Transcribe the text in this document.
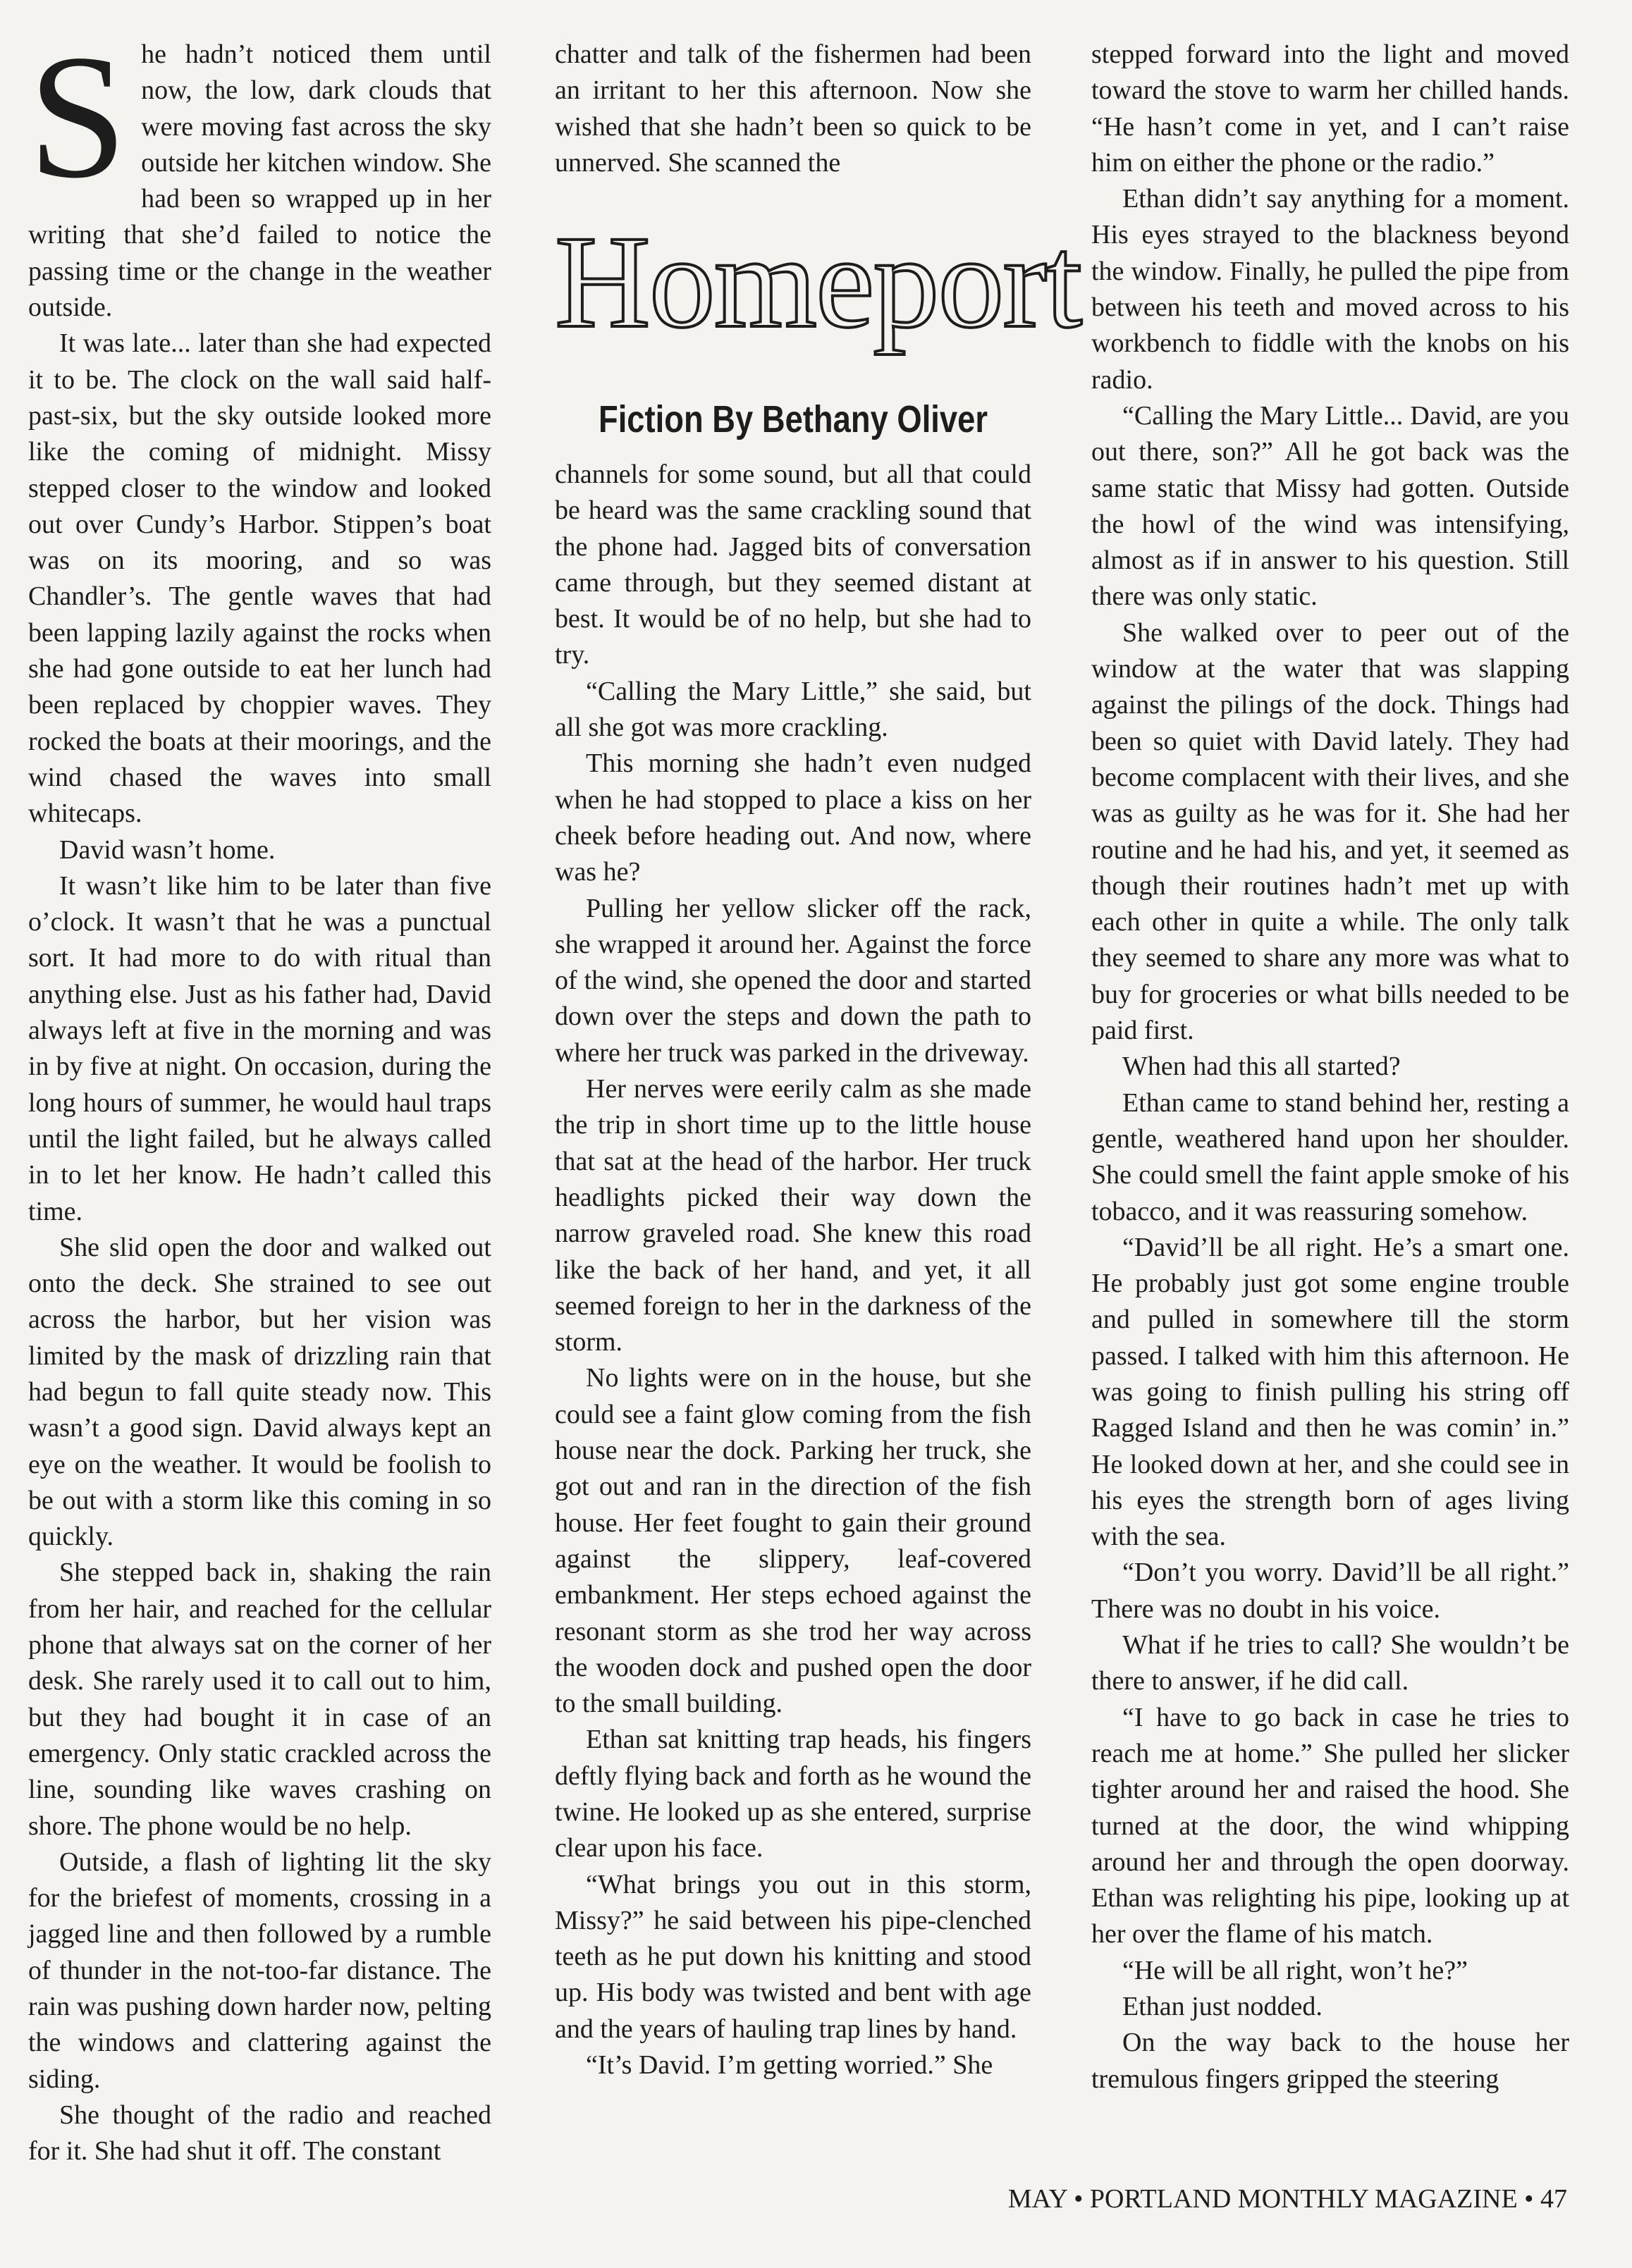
She hadn’t noticed them until now, the low, dark clouds that were moving fast across the sky outside her kitchen window. She had been so wrapped up in her writing that she’d failed to notice the passing time or the change in the weather outside.

It was late... later than she had expected it to be. The clock on the wall said half-past-six, but the sky outside looked more like the coming of midnight. Missy stepped closer to the window and looked out over Cundy’s Harbor. Stippen’s boat was on its mooring, and so was Chandler’s. The gentle waves that had been lapping lazily against the rocks when she had gone outside to eat her lunch had been replaced by choppier waves. They rocked the boats at their moorings, and the wind chased the waves into small whitecaps.

David wasn’t home.

It wasn’t like him to be later than five o’clock. It wasn’t that he was a punctual sort. It had more to do with ritual than anything else. Just as his father had, David always left at five in the morning and was in by five at night. On occasion, during the long hours of summer, he would haul traps until the light failed, but he always called in to let her know. He hadn’t called this time.

She slid open the door and walked out onto the deck. She strained to see out across the harbor, but her vision was limited by the mask of drizzling rain that had begun to fall quite steady now. This wasn’t a good sign. David always kept an eye on the weather. It would be foolish to be out with a storm like this coming in so quickly.

She stepped back in, shaking the rain from her hair, and reached for the cellular phone that always sat on the corner of her desk. She rarely used it to call out to him, but they had bought it in case of an emergency. Only static crackled across the line, sounding like waves crashing on shore. The phone would be no help.

Outside, a flash of lighting lit the sky for the briefest of moments, crossing in a jagged line and then followed by a rumble of thunder in the not-too-far distance. The rain was pushing down harder now, pelting the windows and clattering against the siding.

She thought of the radio and reached for it. She had shut it off. The constant

chatter and talk of the fishermen had been an irritant to her this afternoon. Now she wished that she hadn’t been so quick to be unnerved. She scanned the

Homeport
Fiction By Bethany Oliver

channels for some sound, but all that could be heard was the same crackling sound that the phone had. Jagged bits of conversation came through, but they seemed distant at best. It would be of no help, but she had to try.

“Calling the Mary Little,” she said, but all she got was more crackling.

This morning she hadn’t even nudged when he had stopped to place a kiss on her cheek before heading out. And now, where was he?

Pulling her yellow slicker off the rack, she wrapped it around her. Against the force of the wind, she opened the door and started down over the steps and down the path to where her truck was parked in the driveway.

Her nerves were eerily calm as she made the trip in short time up to the little house that sat at the head of the harbor. Her truck headlights picked their way down the narrow graveled road. She knew this road like the back of her hand, and yet, it all seemed foreign to her in the darkness of the storm.

No lights were on in the house, but she could see a faint glow coming from the fish house near the dock. Parking her truck, she got out and ran in the direction of the fish house. Her feet fought to gain their ground against the slippery, leaf-covered embankment. Her steps echoed against the resonant storm as she trod her way across the wooden dock and pushed open the door to the small building.

Ethan sat knitting trap heads, his fingers deftly flying back and forth as he wound the twine. He looked up as she entered, surprise clear upon his face.

“What brings you out in this storm, Missy?” he said between his pipe-clenched teeth as he put down his knitting and stood up. His body was twisted and bent with age and the years of hauling trap lines by hand.

“It’s David. I’m getting worried.” She

stepped forward into the light and moved toward the stove to warm her chilled hands. “He hasn’t come in yet, and I can’t raise him on either the phone or the radio.”

Ethan didn’t say anything for a moment. His eyes strayed to the blackness beyond the window. Finally, he pulled the pipe from between his teeth and moved across to his workbench to fiddle with the knobs on his radio.

“Calling the Mary Little... David, are you out there, son?” All he got back was the same static that Missy had gotten. Outside the howl of the wind was intensifying, almost as if in answer to his question. Still there was only static.

She walked over to peer out of the window at the water that was slapping against the pilings of the dock. Things had been so quiet with David lately. They had become complacent with their lives, and she was as guilty as he was for it. She had her routine and he had his, and yet, it seemed as though their routines hadn’t met up with each other in quite a while. The only talk they seemed to share any more was what to buy for groceries or what bills needed to be paid first.

When had this all started?

Ethan came to stand behind her, resting a gentle, weathered hand upon her shoulder. She could smell the faint apple smoke of his tobacco, and it was reassuring somehow.

“David’ll be all right. He’s a smart one. He probably just got some engine trouble and pulled in somewhere till the storm passed. I talked with him this afternoon. He was going to finish pulling his string off Ragged Island and then he was comin’ in.” He looked down at her, and she could see in his eyes the strength born of ages living with the sea.

“Don’t you worry. David’ll be all right.” There was no doubt in his voice.

What if he tries to call? She wouldn’t be there to answer, if he did call.

“I have to go back in case he tries to reach me at home.” She pulled her slicker tighter around her and raised the hood. She turned at the door, the wind whipping around her and through the open doorway. Ethan was relighting his pipe, looking up at her over the flame of his match.

“He will be all right, won’t he?”

Ethan just nodded.

On the way back to the house her tremulous fingers gripped the steering

MAY • PORTLAND MONTHLY MAGAZINE • 47
